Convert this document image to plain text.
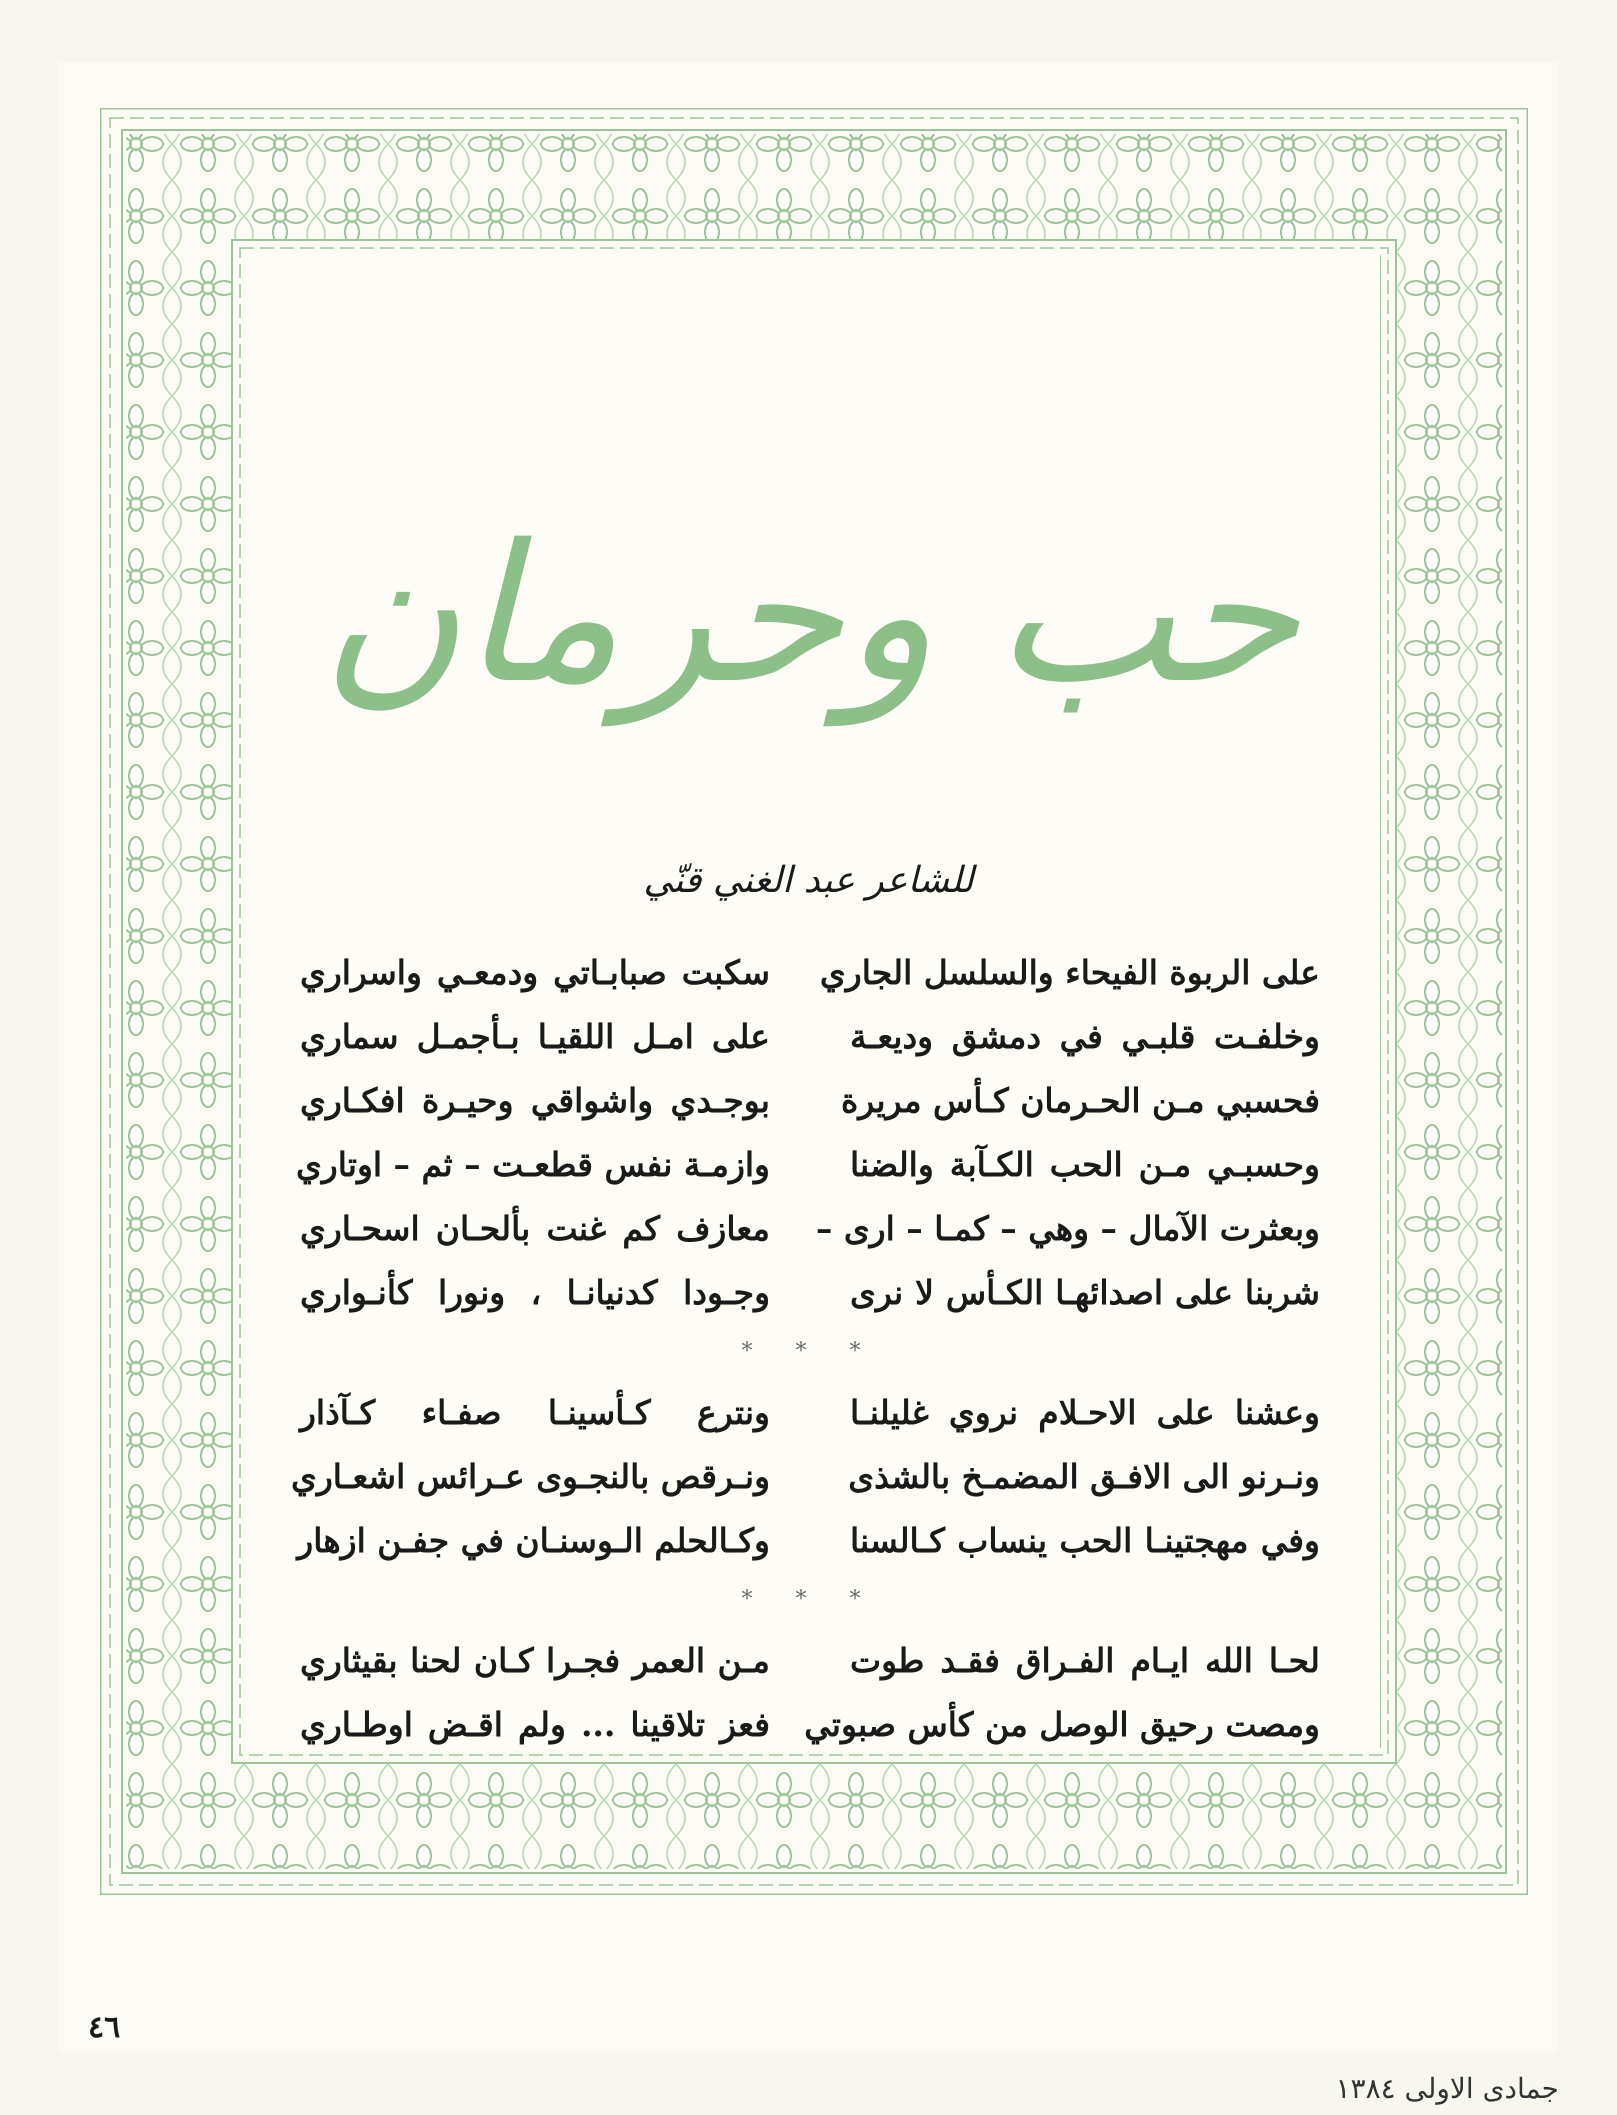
حب وحرمان
للشاعر عبد الغني قنّي
على الربوة الفيحاء والسلسل الجاري
سكبت صبابـاتي ودمعـي واسراري
وخلفـت قلبـي في دمشق وديعـة
على امـل اللقيـا بـأجمـل سماري
فحسبي مـن الحـرمان كـأس مريرة
بوجـدي واشواقي وحيـرة افكـاري
وحسبـي مـن الحب الكـآبة والضنا
وازمـة نفس قطعـت – ثم – اوتاري
وبعثرت الآمال – وهي – كمـا – ارى –
معازف كم غنت بألحـان اسحـاري
شربنا على اصدائهـا الكـأس لا نرى
وجـودا كدنيانـا ، ونورا كأنـواري
* * *
وعشنا على الاحـلام نروي غليلنـا
ونترع كـأسينـا صفـاء كـآذار
ونـرنو الى الافـق المضمـخ بالشذى
ونـرقص بالنجـوى عـرائس اشعـاري
وفي مهجتينـا الحب ينساب كـالسنا
وكـالحلم الـوسنـان في جفـن ازهار
* * *
لحـا الله ايـام الفـراق فقـد طوت
مـن العمر فجـرا كـان لحنا بقيثاري
ومصت رحيق الوصل من كأس صبوتي
فعز تلاقينا ... ولم اقـض اوطـاري
٤٦
جمادى الاولى ١٣٨٤
